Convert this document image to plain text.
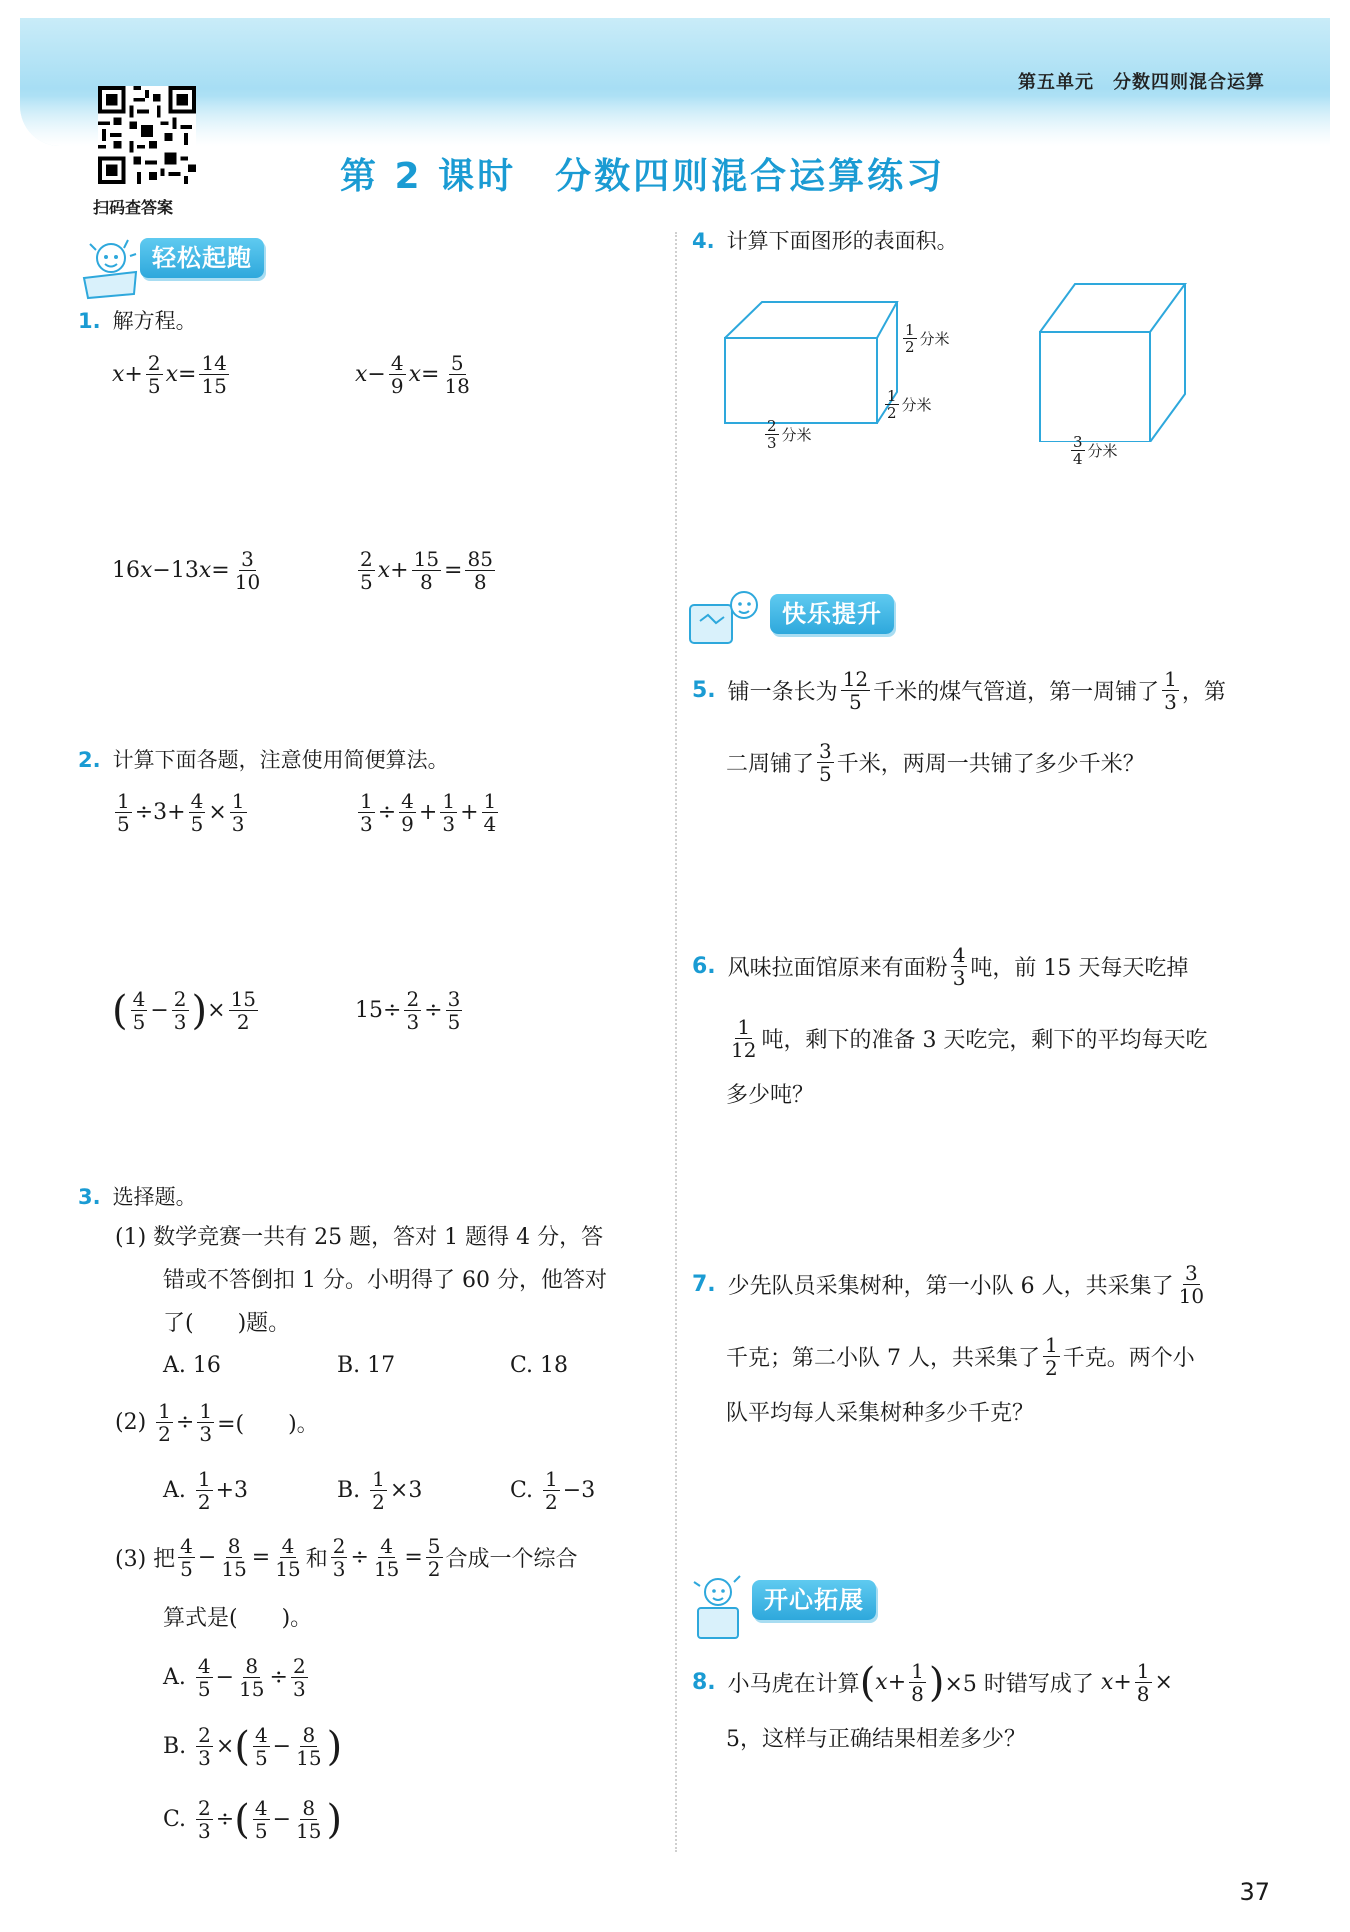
第五单元　分数四则混合运算
扫码查答案
第 2 课时　分数四则混合运算练习
轻松起跑
快乐提升
开心拓展
1. 解方程。
$x + \frac{2}{5}$ $x = \frac{14}{15}$	$x - \frac{4}{9}$ $x = \frac{5}{18}$
16 x −13 $x = \frac{3}{10}$	$\frac{2}{5}$ $x + \frac{15}{8} = \frac{85}{8}$
2. 计算下面各题，注意使用简便算法。
$\frac{1}{5} \div 3+ \frac{4}{5} \times \frac{1}{3}$	$\frac{1}{3} \div \frac{4}{9} + \frac{1}{3} + \frac{1}{4}$
( $\frac{4}{5} - \frac{2}{3}$ ) × $\frac{15}{2}$	$15\div \frac{2}{3} \div \frac{3}{5}$
3. 选择题。
(1) 数学竞赛一共有 25 题，答对 1 题得 4 分，答
错或不答倒扣 1 分。小明得了 60 分，他答对
了(　　)题。
A. 16	B. 17	C. 18
(2)
$\frac{1}{2} \div \frac{1}{3}$ =(　　)。
A. $\frac{1}{2} +3$	B. $\frac{1}{2} \times 3$	C. $\frac{1}{2} -3$
(3) 把 $\frac{4}{5} - \frac{8}{15} = \frac{4}{15}$ 和 $\frac{2}{3} \div \frac{4}{15} = \frac{5}{2}$ 合成一个综合
算式是(　　)。
A. $\frac{4}{5} - \frac{8}{15} \div \frac{2}{3}$
B. $\frac{2}{3}$ × ( $\frac{4}{5} - \frac{8}{15}$ )
C. $\frac{2}{3}$ ÷ ( $\frac{4}{5} - \frac{8}{15}$ )
4. 计算下面图形的表面积。
$\frac{1}{2}$ 分米
$\frac{1}{2}$ 分米
$\frac{2}{3}$ 分米	$\frac{3}{4}$ 分米
5. 铺一条长为 $\frac{12}{5}$ 千米的煤气管道，第一周铺了 $\frac{1}{3}$ ，第
二周铺了 $\frac{3}{5}$ 千米，两周一共铺了多少千米？
6. 风味拉面馆原来有面粉 $\frac{4}{3}$ 吨，前 15 天每天吃掉
$\frac{1}{12}$ 吨，剩下的准备 3 天吃完，剩下的平均每天吃
多少吨？
7. 少先队员采集树种，第一小队 6 人，共采集了 $\frac{3}{10}$
千克；第二小队 7 人，共采集了 $\frac{1}{2}$ 千克。两个小
队平均每人采集树种多少千克？
8. 小马虎在计算 ( $x + \frac{1}{8}$ ) ×5 时错写成了
$x + \frac{1}{8}$ ×
5，这样与正确结果相差多少？
37
